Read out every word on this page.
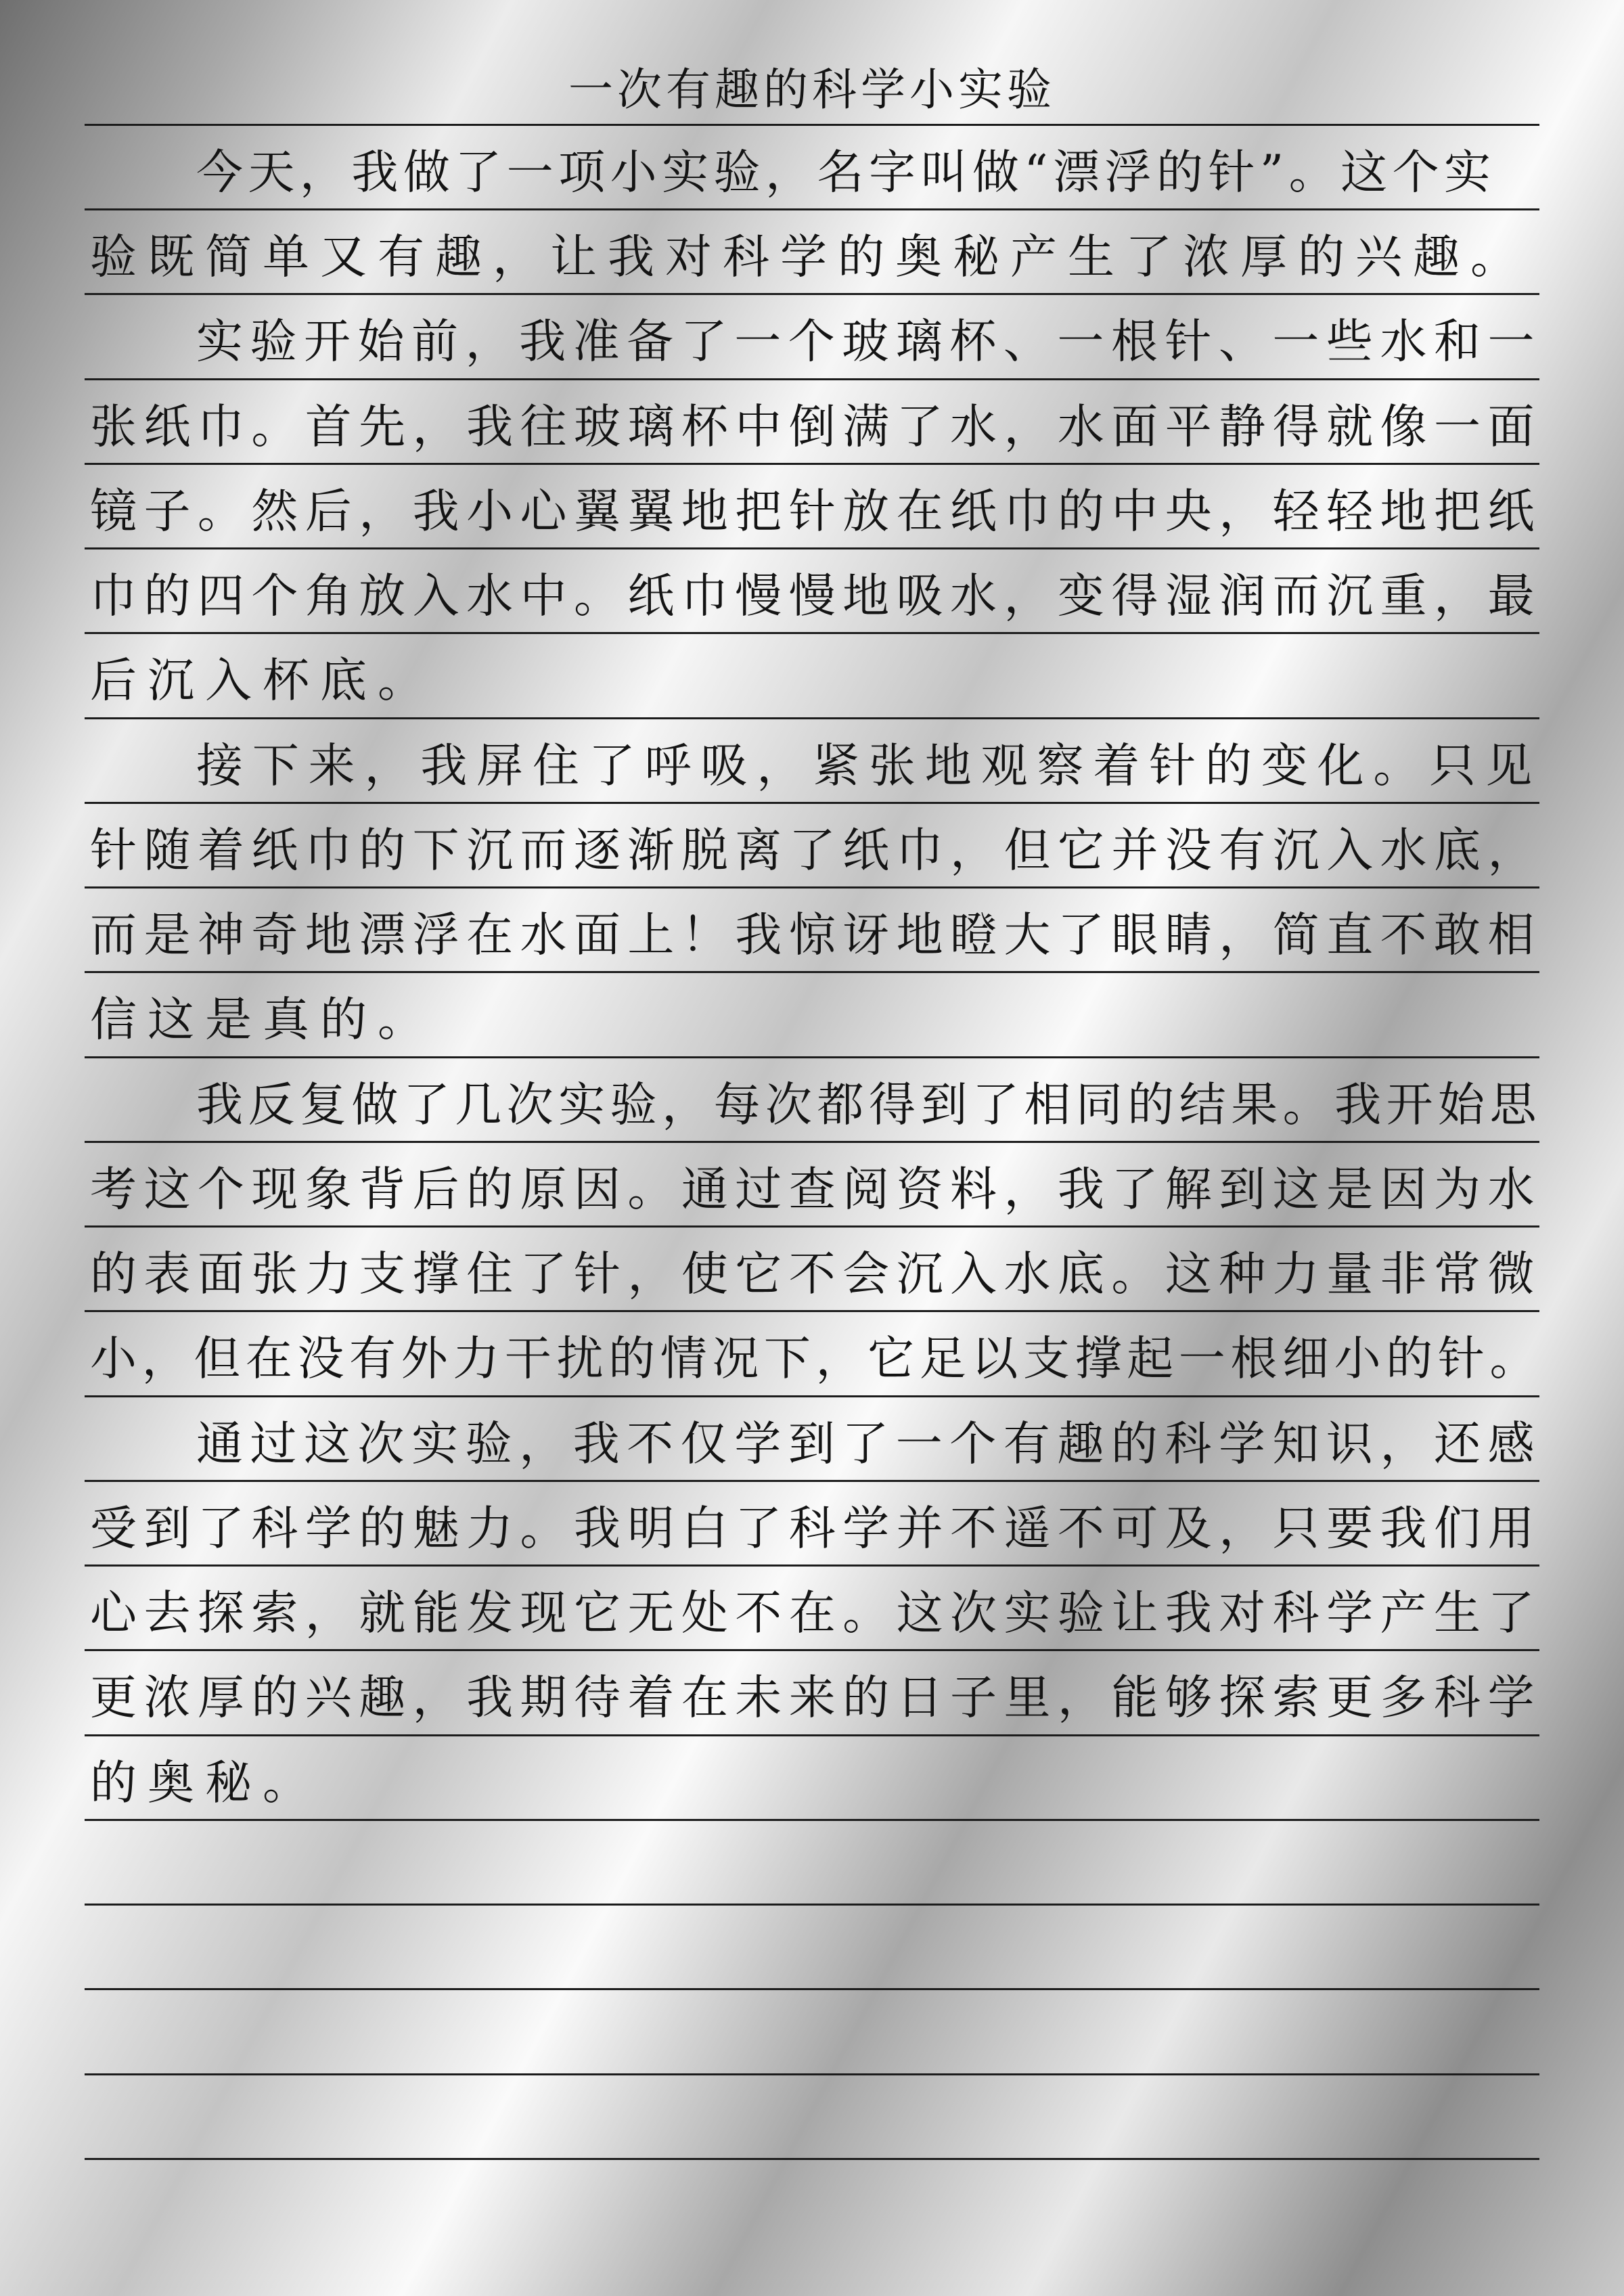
一次有趣的科学小实验
今天，我做了一项小实验，名字叫做“漂浮的针”。这个实
验既简单又有趣，让我对科学的奥秘产生了浓厚的兴趣。
实验开始前，我准备了一个玻璃杯、一根针、一些水和一
张纸巾。首先，我往玻璃杯中倒满了水，水面平静得就像一面
镜子。然后，我小心翼翼地把针放在纸巾的中央，轻轻地把纸
巾的四个角放入水中。纸巾慢慢地吸水，变得湿润而沉重，最
后沉入杯底。
接下来，我屏住了呼吸，紧张地观察着针的变化。只见
针随着纸巾的下沉而逐渐脱离了纸巾，但它并没有沉入水底，
而是神奇地漂浮在水面上！我惊讶地瞪大了眼睛，简直不敢相
信这是真的。
我反复做了几次实验，每次都得到了相同的结果。我开始思
考这个现象背后的原因。通过查阅资料，我了解到这是因为水
的表面张力支撑住了针，使它不会沉入水底。这种力量非常微
小，但在没有外力干扰的情况下，它足以支撑起一根细小的针。
通过这次实验，我不仅学到了一个有趣的科学知识，还感
受到了科学的魅力。我明白了科学并不遥不可及，只要我们用
心去探索，就能发现它无处不在。这次实验让我对科学产生了
更浓厚的兴趣，我期待着在未来的日子里，能够探索更多科学
的奥秘。
